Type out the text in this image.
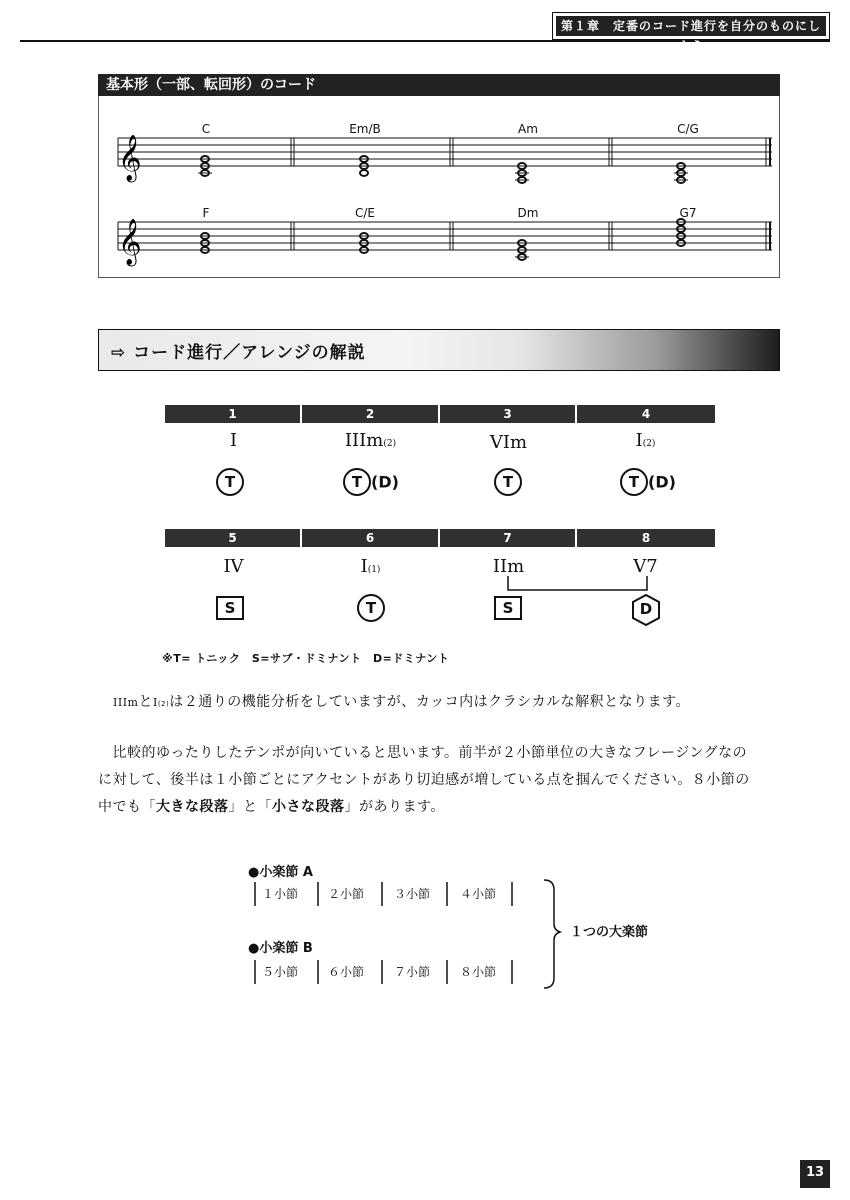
第１章　定番のコード進行を自分のものにしよう
基本形（一部、転回形）のコード
𝄞
𝄞
C	Em/B	Am	C/G
F	C/E	Dm	G7
⇨ コード進行／アレンジの解説
1	2	3	4
I	IIIm(2)	VIm	I(2)
T	T (D)	T	T (D)
5	6	7	8
IV	I(1)	IIm	V7
S	T	S	D
※T= トニック　S=サブ・ドミナント　D=ドミナント
IIImとI(2)は２通りの機能分析をしていますが、カッコ内はクラシカルな解釈となります。
　比較的ゆったりしたテンポが向いていると思います。前半が２小節単位の大きなフレージングなの
に対して、後半は１小節ごとにアクセントがあり切迫感が増している点を掴んでください。８小節の
中でも「大きな段落」と「小さな段落」があります。
●小楽節 A
●小楽節 B
１小節 ２小節 ３小節 ４小節
５小節 ６小節 ７小節 ８小節
１つの大楽節
13
